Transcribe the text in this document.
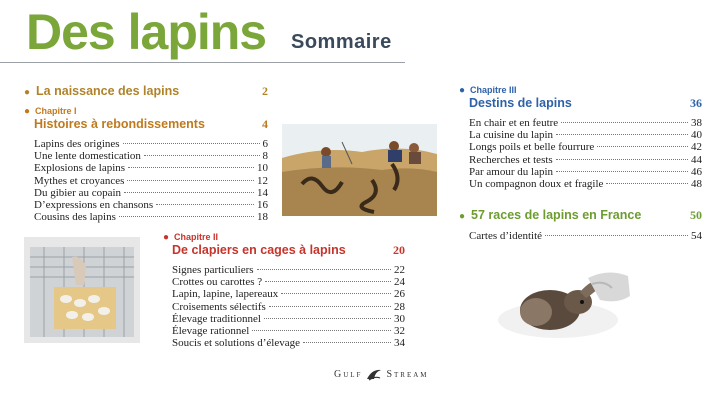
Des lapins Sommaire
● La naissance des lapins	2
● Chapitre I
Histoires à rebondissements	4
Lapins des origines	6
Une lente domestication	8
Explosions de lapins	10
Mythes et croyances	12
Du gibier au copain	14
D’expressions en chansons	16
Cousins des lapins	18
● Chapitre II
De clapiers en cages à lapins	20
Signes particuliers	22
Crottes ou carottes ?	24
Lapin, lapine, lapereaux	26
Croisements sélectifs	28
Élevage traditionnel	30
Élevage rationnel	32
Soucis et solutions d’élevage	34
● Chapitre III
Destins de lapins	36
En chair et en feutre	38
La cuisine du lapin	40
Longs poils et belle fourrure	42
Recherches et tests	44
Par amour du lapin	46
Un compagnon doux et fragile	48
● 57 races de lapins en France	50
Cartes d’identité	54
Gulf Stream
